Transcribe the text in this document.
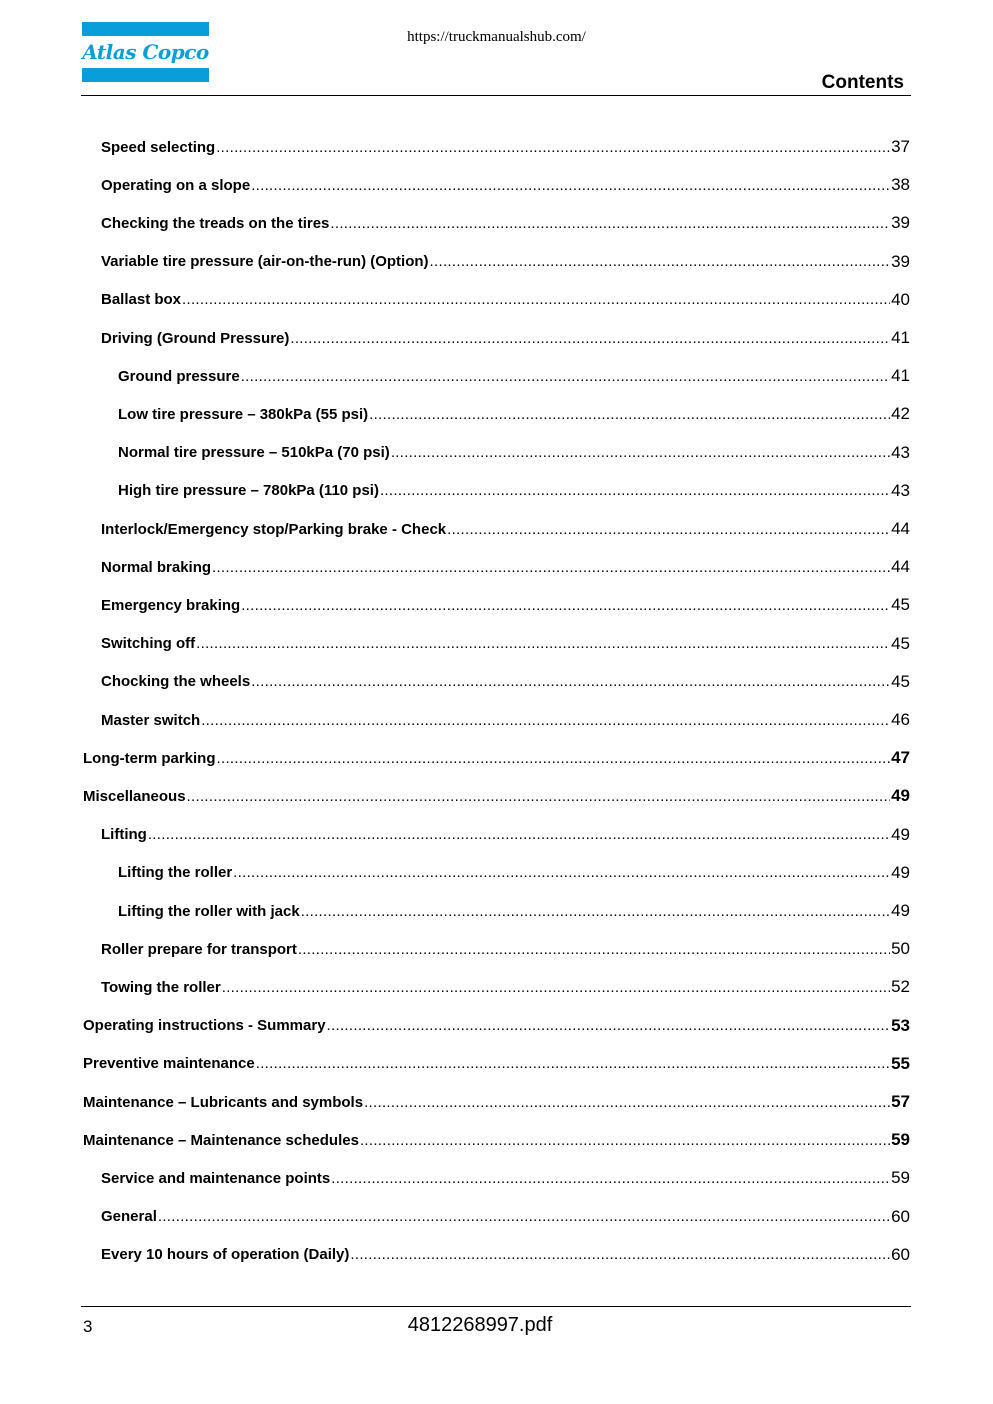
Atlas Copco
https://truckmanualshub.com/
Contents
Speed selecting .....	37
Operating on a slope .....	38
Checking the treads on the tires .....	39
Variable tire pressure (air-on-the-run) (Option) .....	39
Ballast box .....	40
Driving (Ground Pressure) .....	41
Ground pressure .....	41
Low tire pressure – 380kPa (55 psi) .....	42
Normal tire pressure – 510kPa (70 psi) .....	43
High tire pressure – 780kPa (110 psi) .....	43
Interlock/Emergency stop/Parking brake - Check .....	44
Normal braking .....	44
Emergency braking .....	45
Switching off .....	45
Chocking the wheels .....	45
Master switch .....	46
Long-term parking .....	47
Miscellaneous .....	49
Lifting .....	49
Lifting the roller .....	49
Lifting the roller with jack .....	49
Roller prepare for transport .....	50
Towing the roller .....	52
Operating instructions - Summary .....	53
Preventive maintenance .....	55
Maintenance – Lubricants and symbols .....	57
Maintenance – Maintenance schedules .....	59
Service and maintenance points .....	59
General .....	60
Every 10 hours of operation (Daily) .....	60
3	4812268997.pdf
